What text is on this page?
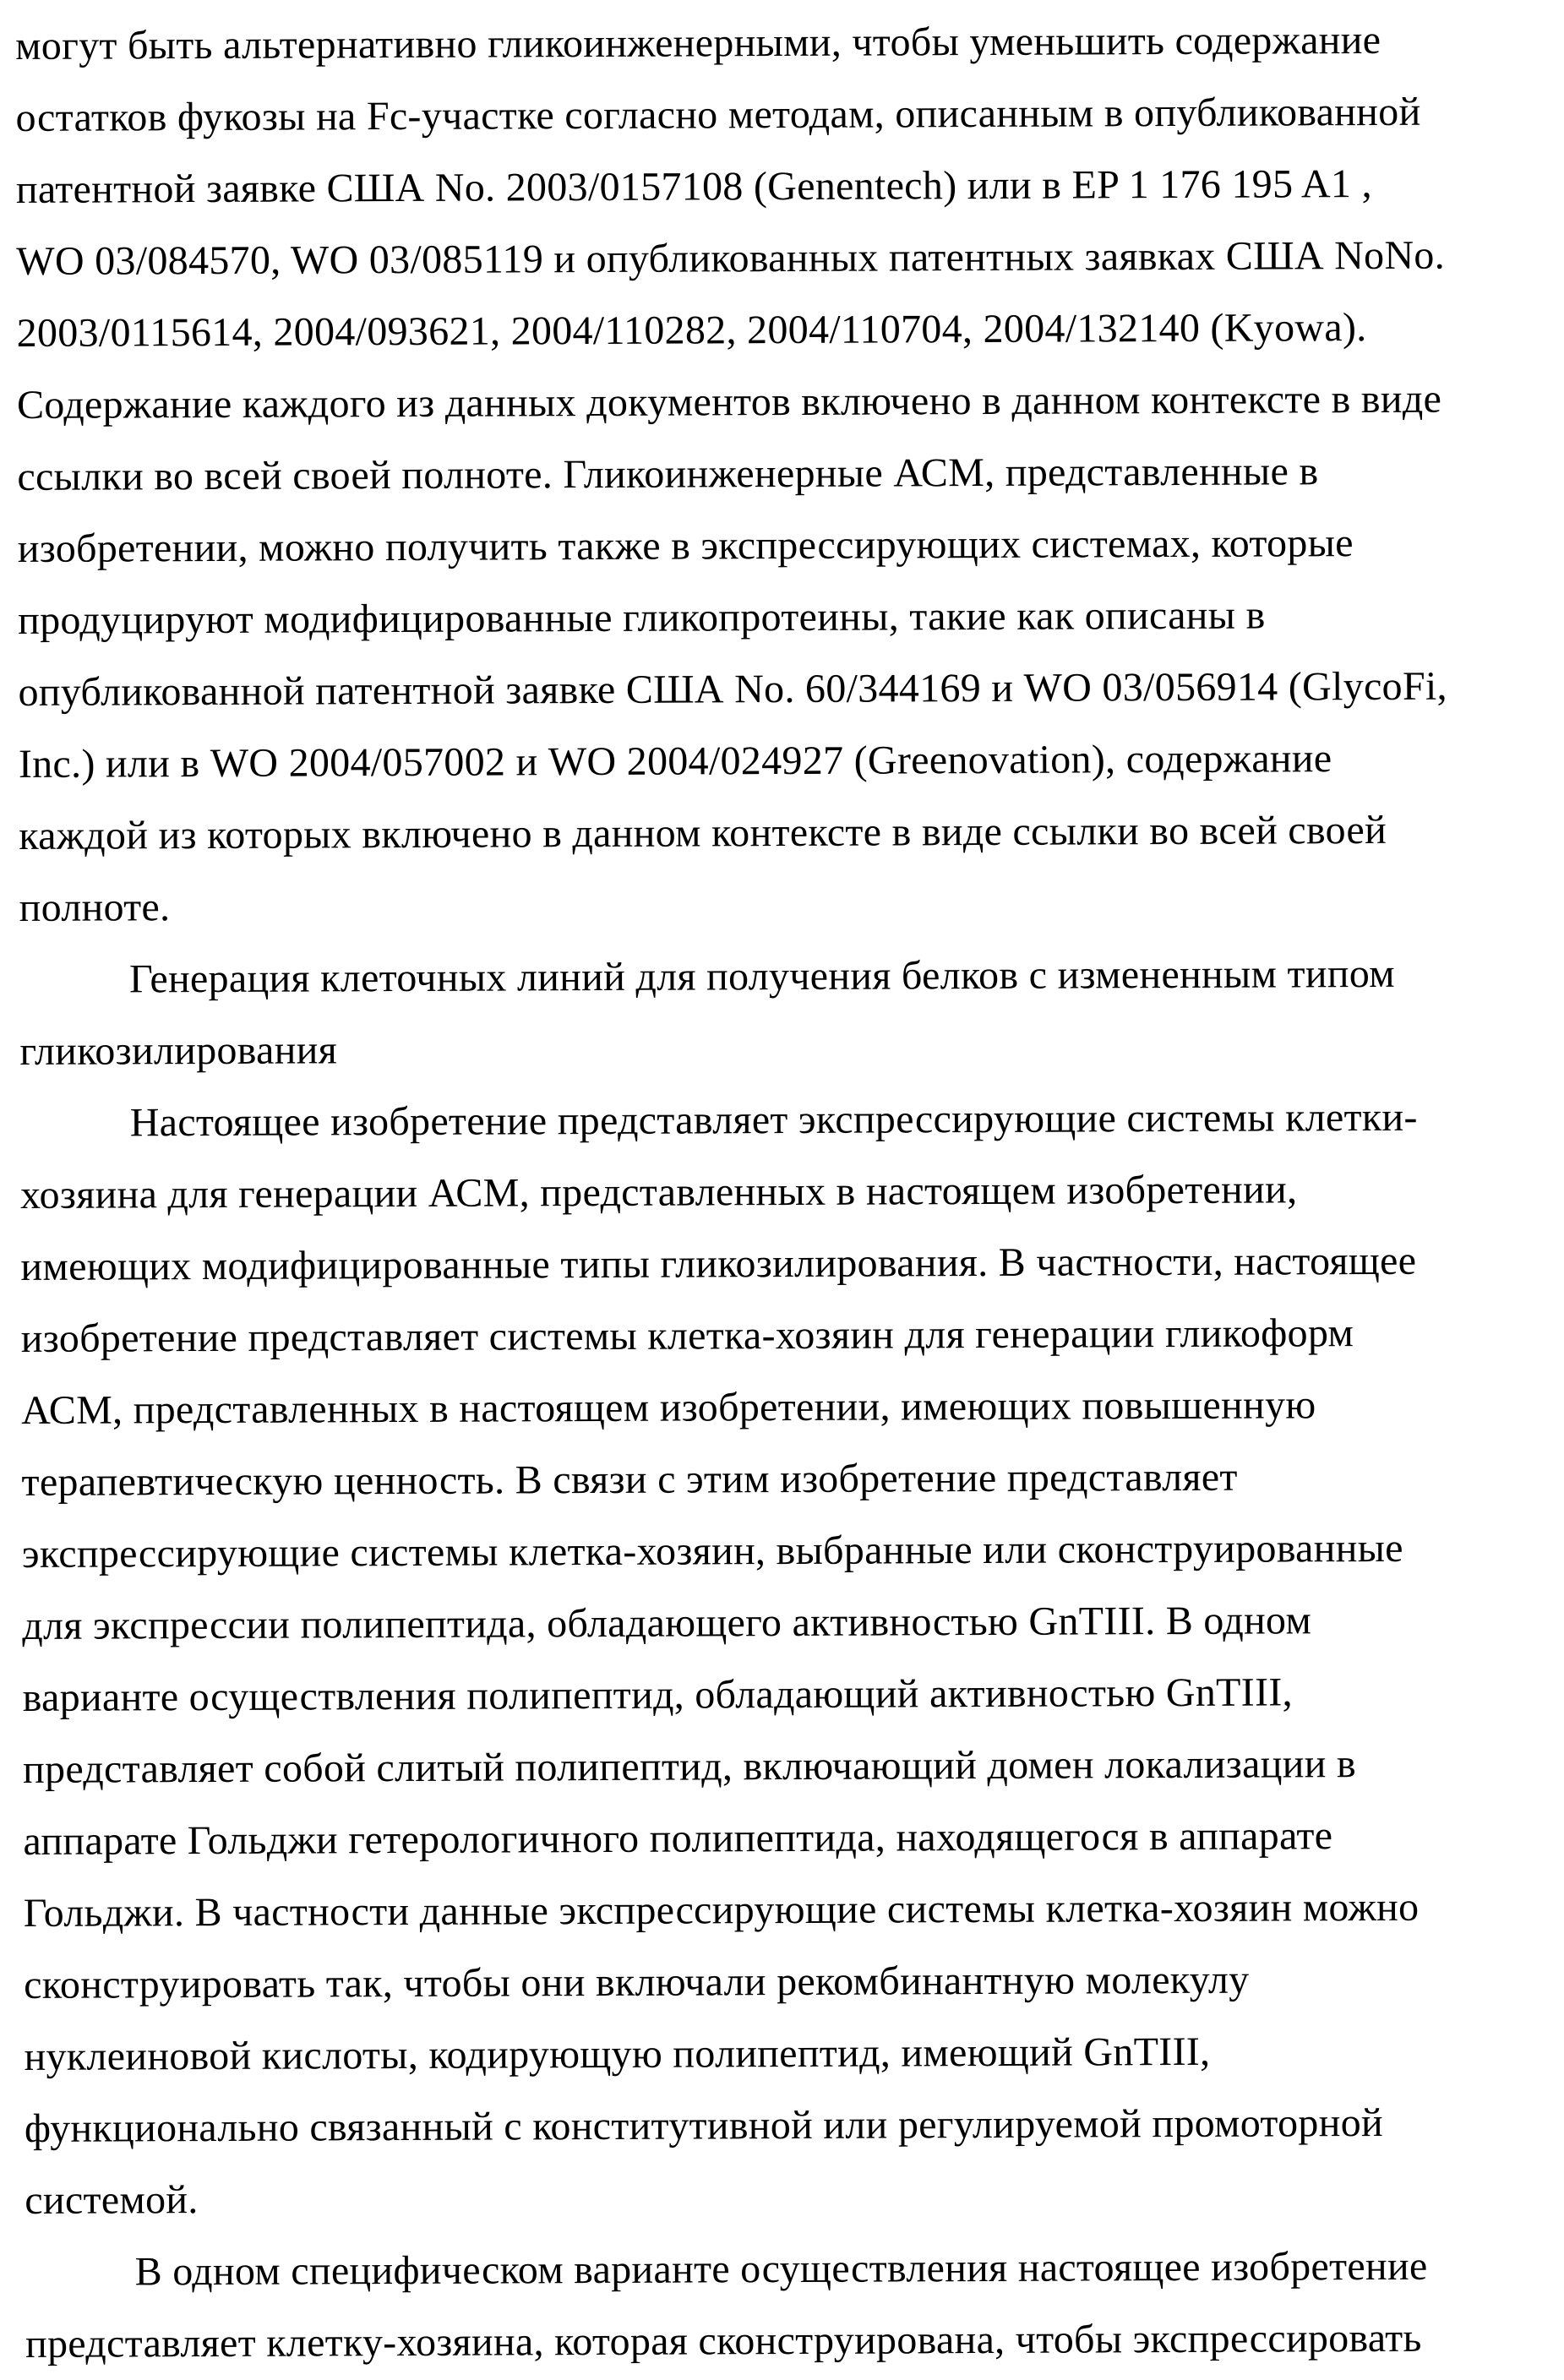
могут быть альтернативно гликоинженерными, чтобы уменьшить содержание
остатков фукозы на Fc-участке согласно методам, описанным в опубликованной
патентной заявке США No. 2003/0157108 (Genentech) или в EP 1 176 195 A1 ,
WO 03/084570, WO 03/085119 и опубликованных патентных заявках США NoNo.
2003/0115614, 2004/093621, 2004/110282, 2004/110704, 2004/132140 (Kyowa).
Содержание каждого из данных документов включено в данном контексте в виде
ссылки во всей своей полноте. Гликоинженерные АСМ, представленные в
изобретении, можно получить также в экспрессирующих системах, которые
продуцируют модифицированные гликопротеины, такие как описаны в
опубликованной патентной заявке США No. 60/344169 и WO 03/056914 (GlycoFi,
Inc.) или в WO 2004/057002 и WO 2004/024927 (Greenovation), содержание
каждой из которых включено в данном контексте в виде ссылки во всей своей
полноте.
Генерация клеточных линий для получения белков с измененным типом
гликозилирования
Настоящее изобретение представляет экспрессирующие системы клетки-
хозяина для генерации АСМ, представленных в настоящем изобретении,
имеющих модифицированные типы гликозилирования. В частности, настоящее
изобретение представляет системы клетка-хозяин для генерации гликоформ
АСМ, представленных в настоящем изобретении, имеющих повышенную
терапевтическую ценность. В связи с этим изобретение представляет
экспрессирующие системы клетка-хозяин, выбранные или сконструированные
для экспрессии полипептида, обладающего активностью GnTIII. В одном
варианте осуществления полипептид, обладающий активностью GnTIII,
представляет собой слитый полипептид, включающий домен локализации в
аппарате Гольджи гетерологичного полипептида, находящегося в аппарате
Гольджи. В частности данные экспрессирующие системы клетка-хозяин можно
сконструировать так, чтобы они включали рекомбинантную молекулу
нуклеиновой кислоты, кодирующую полипептид, имеющий GnTIII,
функционально связанный с конститутивной или регулируемой промоторной
системой.
В одном специфическом варианте осуществления настоящее изобретение
представляет клетку-хозяина, которая сконструирована, чтобы экспрессировать
